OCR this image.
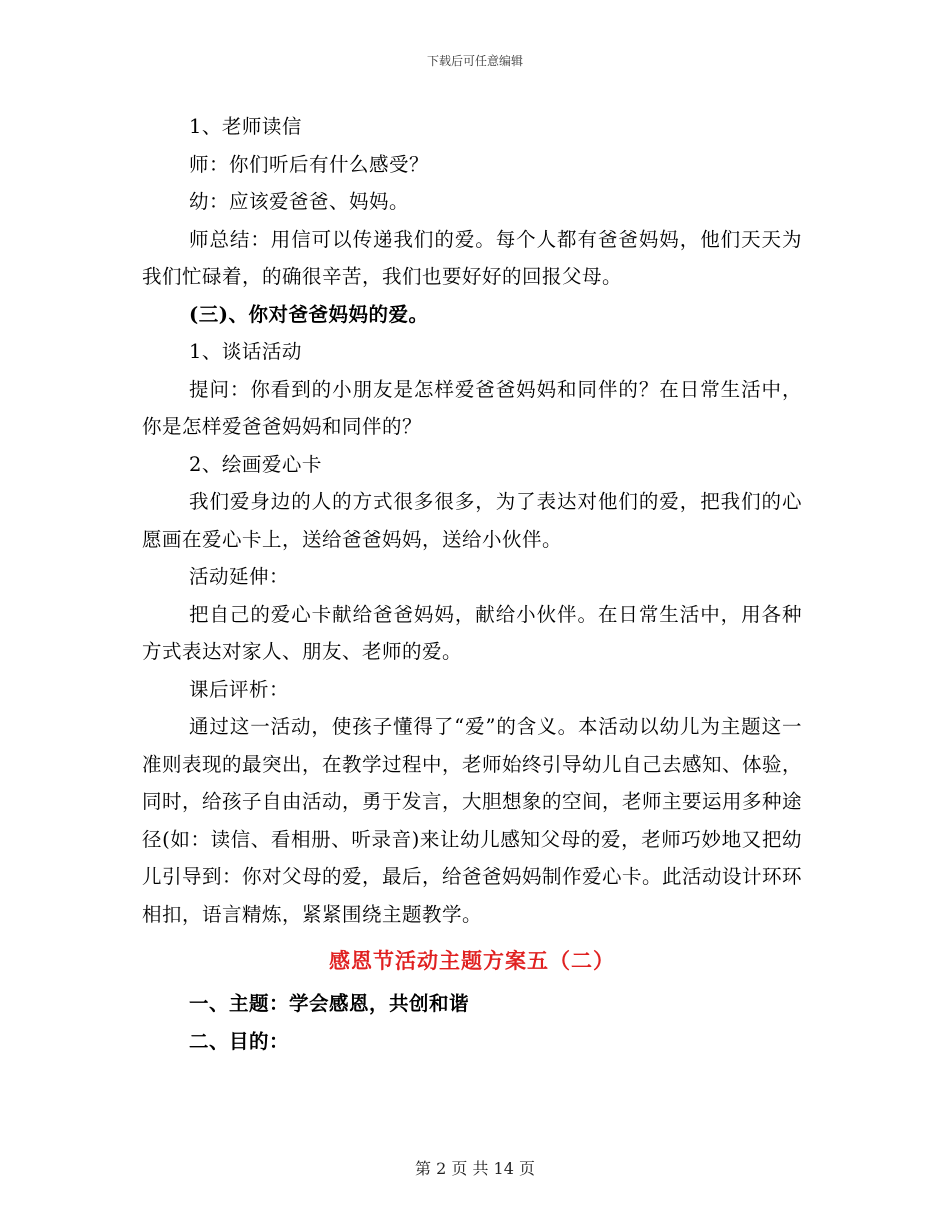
下载后可任意编辑

1、老师读信

师：你们听后有什么感受？

幼：应该爱爸爸、妈妈。

师总结：用信可以传递我们的爱。每个人都有爸爸妈妈，他们天天为我们忙碌着，的确很辛苦，我们也要好好的回报父母。

(三)、你对爸爸妈妈的爱。

1、谈话活动

提问：你看到的小朋友是怎样爱爸爸妈妈和同伴的？在日常生活中，你是怎样爱爸爸妈妈和同伴的？

2、绘画爱心卡

我们爱身边的人的方式很多很多，为了表达对他们的爱，把我们的心愿画在爱心卡上，送给爸爸妈妈，送给小伙伴。

活动延伸：

把自己的爱心卡献给爸爸妈妈，献给小伙伴。在日常生活中，用各种方式表达对家人、朋友、老师的爱。

课后评析：

通过这一活动，使孩子懂得了“爱”的含义。本活动以幼儿为主题这一准则表现的最突出，在教学过程中，老师始终引导幼儿自己去感知、体验，同时，给孩子自由活动，勇于发言，大胆想象的空间，老师主要运用多种途径(如：读信、看相册、听录音)来让幼儿感知父母的爱，老师巧妙地又把幼儿引导到：你对父母的爱，最后，给爸爸妈妈制作爱心卡。此活动设计环环相扣，语言精炼，紧紧围绕主题教学。

感恩节活动主题方案五（二）

一、主题：学会感恩，共创和谐

二、目的：

第 2 页 共 14 页
